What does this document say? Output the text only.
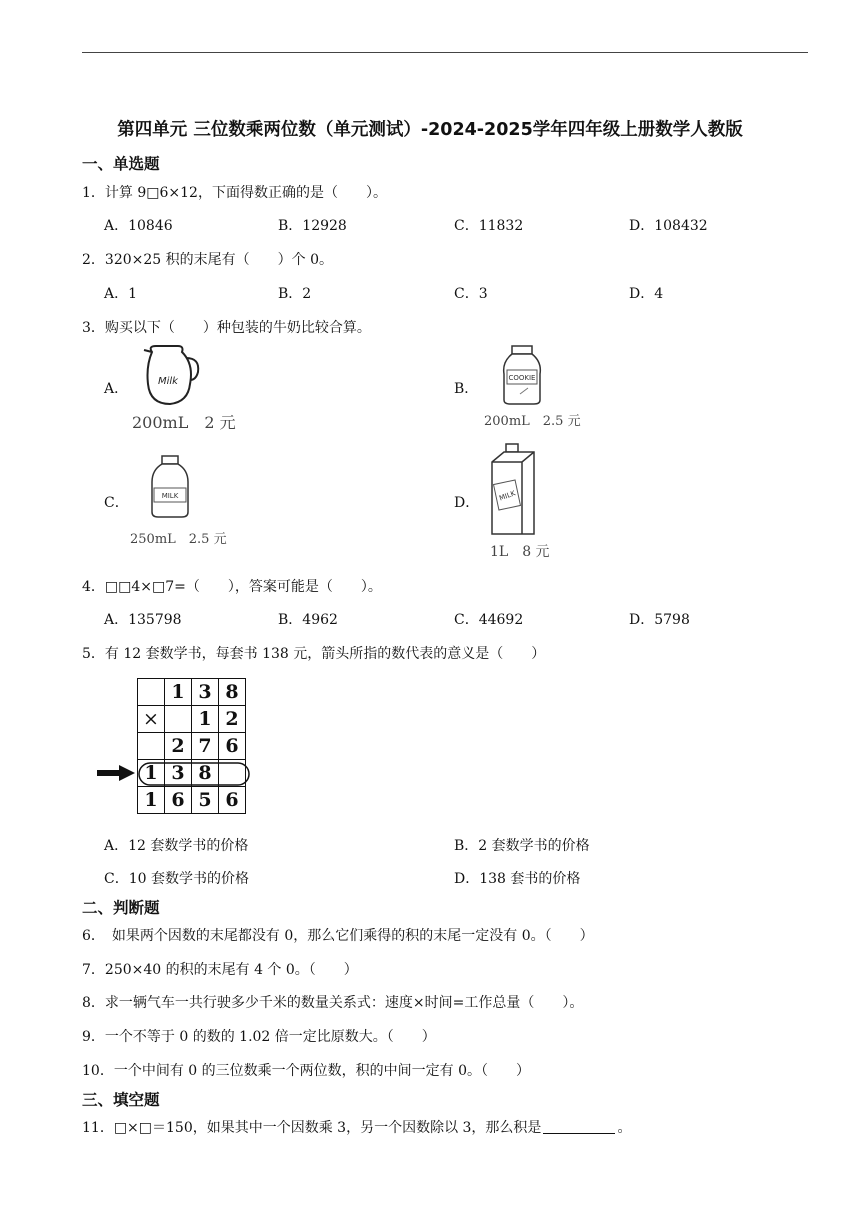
第四单元 三位数乘两位数（单元测试）-2024-2025学年四年级上册数学人教版
一、单选题
1．计算 9□6×12，下面得数正确的是（　　）。
A．10846	B．12928	C．11832	D．108432
2．320×25 积的末尾有（　　）个 0。
A．1	B．2	C．3	D．4
3．购买以下（　　）种包装的牛奶比较合算。
A．	Milk
200mL　2 元
B．
COOKIE
200mL　2.5 元
C．	MILK
250mL　2.5 元
D．	MILK
1L　8 元
4．□□4×□7=（　　），答案可能是（　　）。
A．135798	B．4962	C．44692	D．5798
5．有 12 套数学书，每套书 138 元，箭头所指的数代表的意义是（　　）
	1	3	8
×		1	2
	2	7	6
1	3	8	
1	6	5	6
A．12 套数学书的价格	B．2 套数学书的价格
C．10 套数学书的价格	D．138 套书的价格
二、判断题
6．　如果两个因数的末尾都没有 0，那么它们乘得的积的末尾一定没有 0。（　　）
7．250×40 的积的末尾有 4 个 0。（　　）
8．求一辆气车一共行驶多少千米的数量关系式：速度×时间=工作总量（　　）。
9．一个不等于 0 的数的 1.02 倍一定比原数大。（　　）
10．一个中间有 0 的三位数乘一个两位数，积的中间一定有 0。（　　）
三、填空题
11．□×□＝150，如果其中一个因数乘 3，另一个因数除以 3，那么积是	。
